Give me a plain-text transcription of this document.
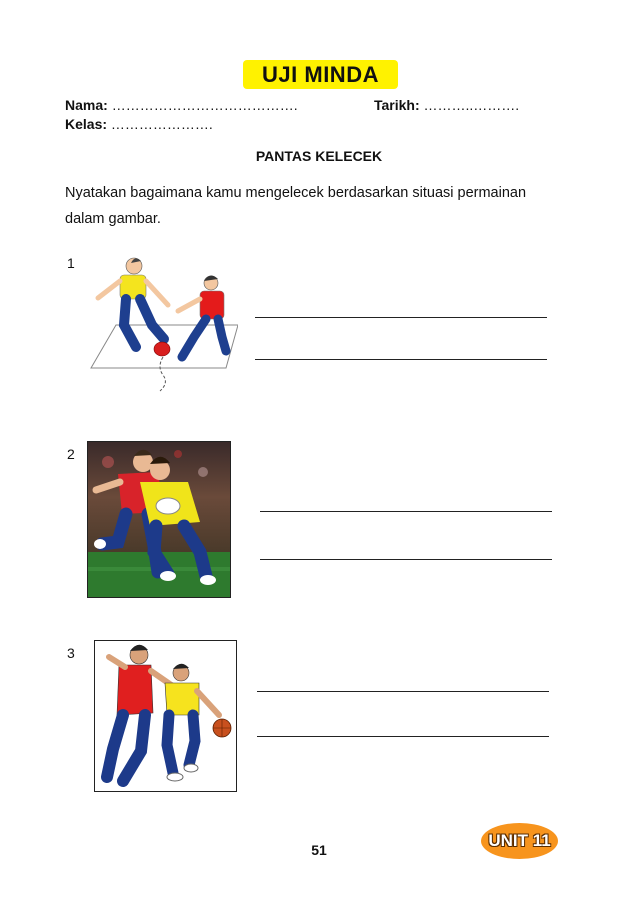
UJI MINDA
Nama: ………………………………….	Tarikh: ………..……….
Kelas: ………………….
PANTAS KELECEK
Nyatakan bagaimana kamu mengelecek berdasarkan situasi permainan dalam gambar.
1
2
3
51	UNIT 11
